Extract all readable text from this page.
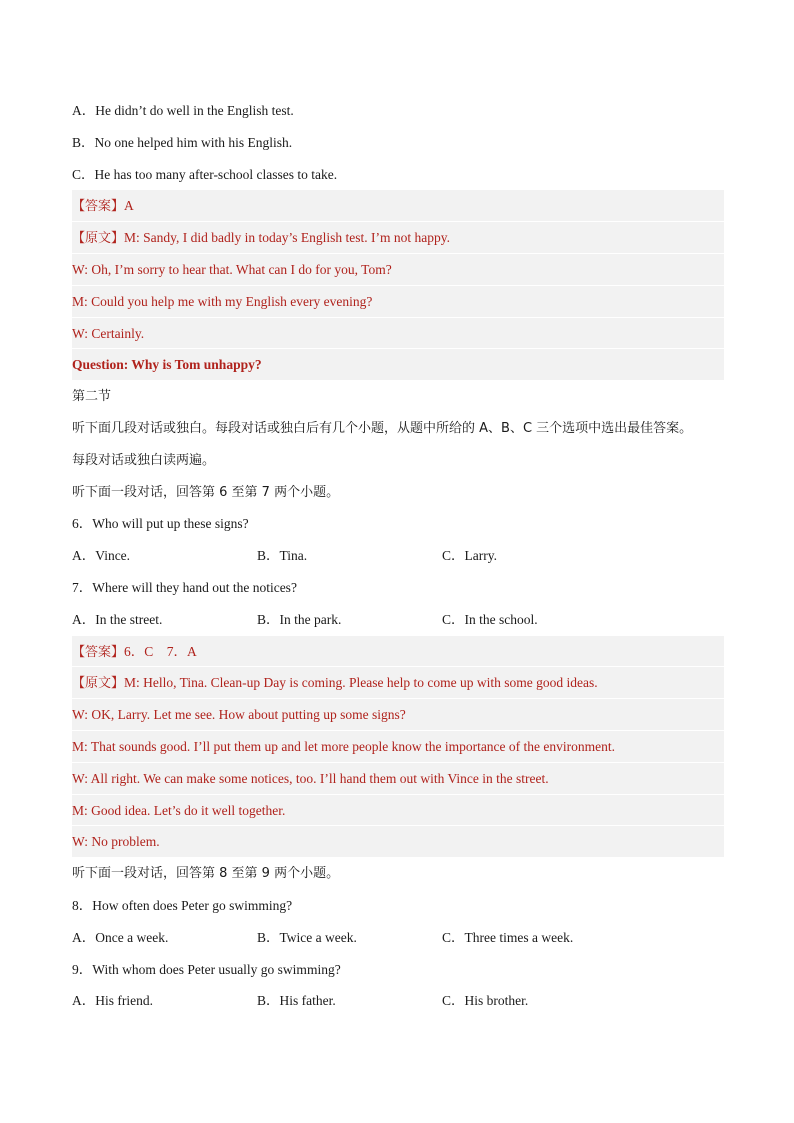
A．He didn’t do well in the English test.
B．No one helped him with his English.
C．He has too many after-school classes to take.
【答案】A
【原文】M: Sandy, I did badly in today’s English test. I’m not happy.
W: Oh, I’m sorry to hear that. What can I do for you, Tom?
M: Could you help me with my English every evening?
W: Certainly.
Question: Why is Tom unhappy?
第二节
听下面几段对话或独白。每段对话或独白后有几个小题，从题中所给的 A、B、C 三个选项中选出最佳答案。
每段对话或独白读两遍。
听下面一段对话，回答第 6 至第 7 两个小题。
6．Who will put up these signs?
A．Vince.	B．Tina.	C．Larry.
7．Where will they hand out the notices?
A．In the street.	B．In the park.	C．In the school.
【答案】6．C    7．A
【原文】M: Hello, Tina. Clean-up Day is coming. Please help to come up with some good ideas.
W: OK, Larry. Let me see. How about putting up some signs?
M: That sounds good. I’ll put them up and let more people know the importance of the environment.
W: All right. We can make some notices, too. I’ll hand them out with Vince in the street.
M: Good idea. Let’s do it well together.
W: No problem.
听下面一段对话，回答第 8 至第 9 两个小题。
8．How often does Peter go swimming?
A．Once a week.	B．Twice a week.	C．Three times a week.
9．With whom does Peter usually go swimming?
A．His friend.	B．His father.	C．His brother.
